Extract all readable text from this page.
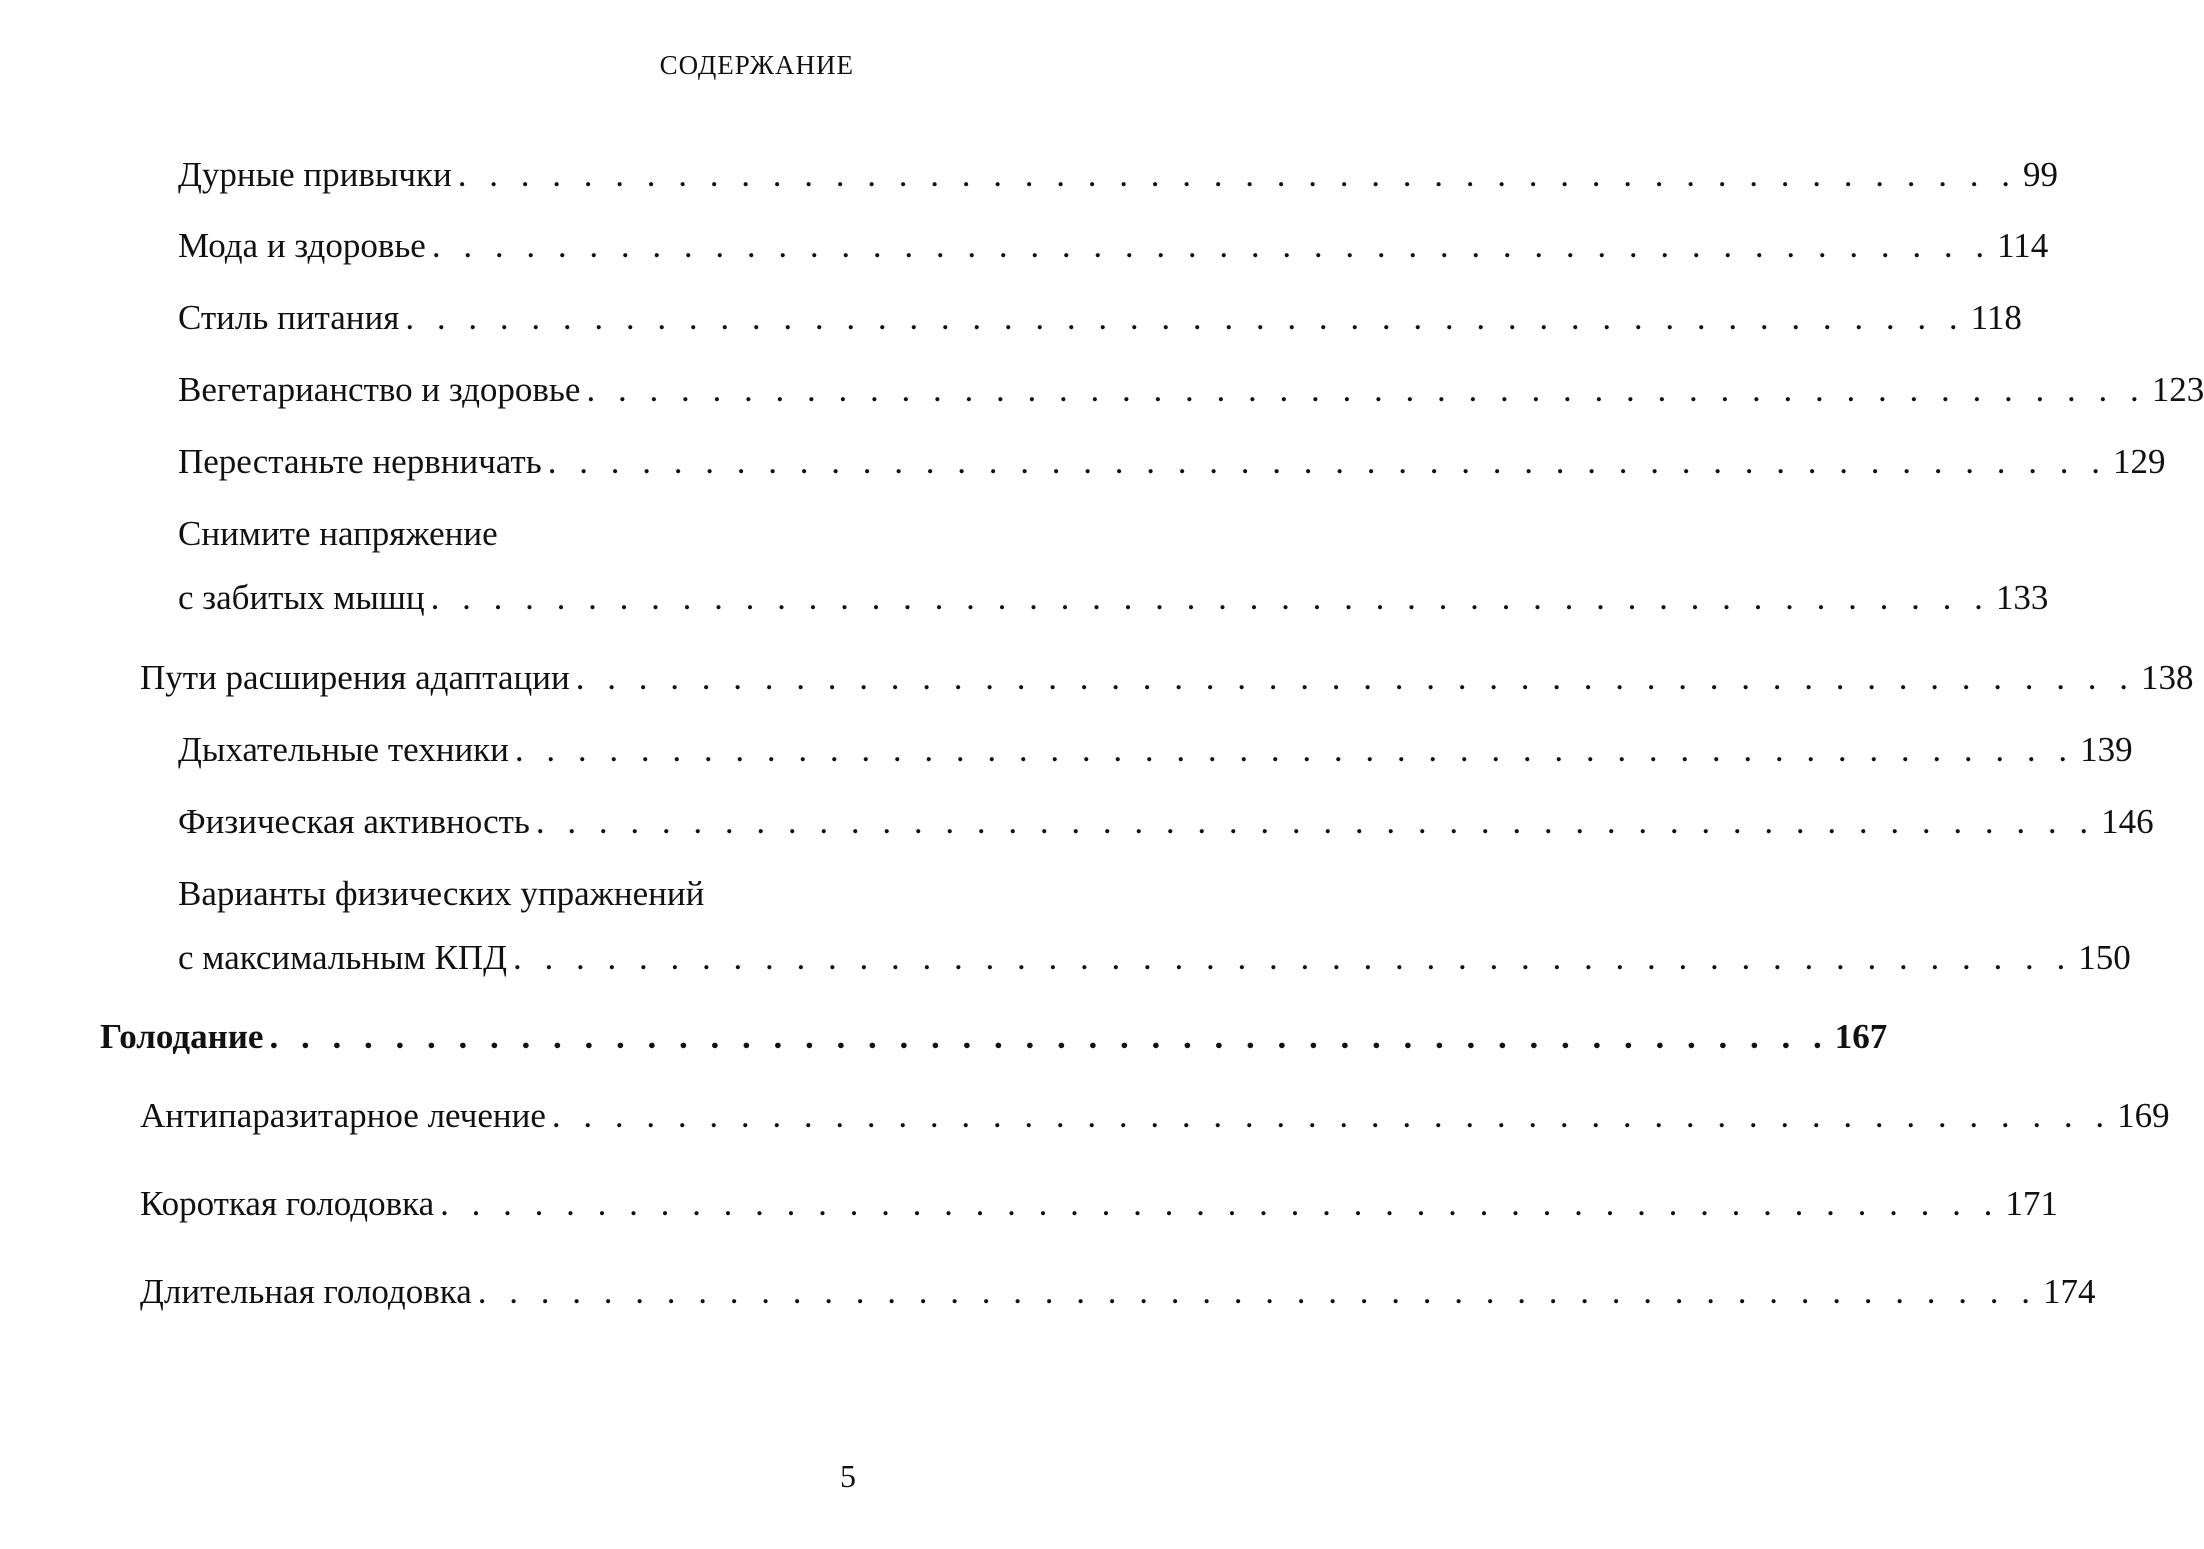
СОДЕРЖАНИЕ
Дурные привычки . . . . . . . . . . . . . . . . . . . . . . . . . . . . . . . . . . . . . . . . . . . . . . . . . . 99
Мода и здоровье . . . . . . . . . . . . . . . . . . . . . . . . . . . . . . . . . . . . . . . . . . . . . . . . . . 114
Стиль питания . . . . . . . . . . . . . . . . . . . . . . . . . . . . . . . . . . . . . . . . . . . . . . . . . . 118
Вегетарианство и здоровье . . . . . . . . . . . . . . . . . . . . . . . . . . . . . . . . . . . . . . . . . . . . . . . . . . 123
Перестаньте нервничать . . . . . . . . . . . . . . . . . . . . . . . . . . . . . . . . . . . . . . . . . . . . . . . . . . 129
Снимите напряжение
с забитых мышц . . . . . . . . . . . . . . . . . . . . . . . . . . . . . . . . . . . . . . . . . . . . . . . . . . 133
Пути расширения адаптации . . . . . . . . . . . . . . . . . . . . . . . . . . . . . . . . . . . . . . . . . . . . . . . . . . 138
Дыхательные техники . . . . . . . . . . . . . . . . . . . . . . . . . . . . . . . . . . . . . . . . . . . . . . . . . . 139
Физическая активность . . . . . . . . . . . . . . . . . . . . . . . . . . . . . . . . . . . . . . . . . . . . . . . . . . 146
Варианты физических упражнений
с максимальным КПД . . . . . . . . . . . . . . . . . . . . . . . . . . . . . . . . . . . . . . . . . . . . . . . . . . 150
Голодание . . . . . . . . . . . . . . . . . . . . . . . . . . . . . . . . . . . . . . . . . . . . . . . . . . 167
Антипаразитарное лечение . . . . . . . . . . . . . . . . . . . . . . . . . . . . . . . . . . . . . . . . . . . . . . . . . . 169
Короткая голодовка . . . . . . . . . . . . . . . . . . . . . . . . . . . . . . . . . . . . . . . . . . . . . . . . . . 171
Длительная голодовка . . . . . . . . . . . . . . . . . . . . . . . . . . . . . . . . . . . . . . . . . . . . . . . . . . 174
5
